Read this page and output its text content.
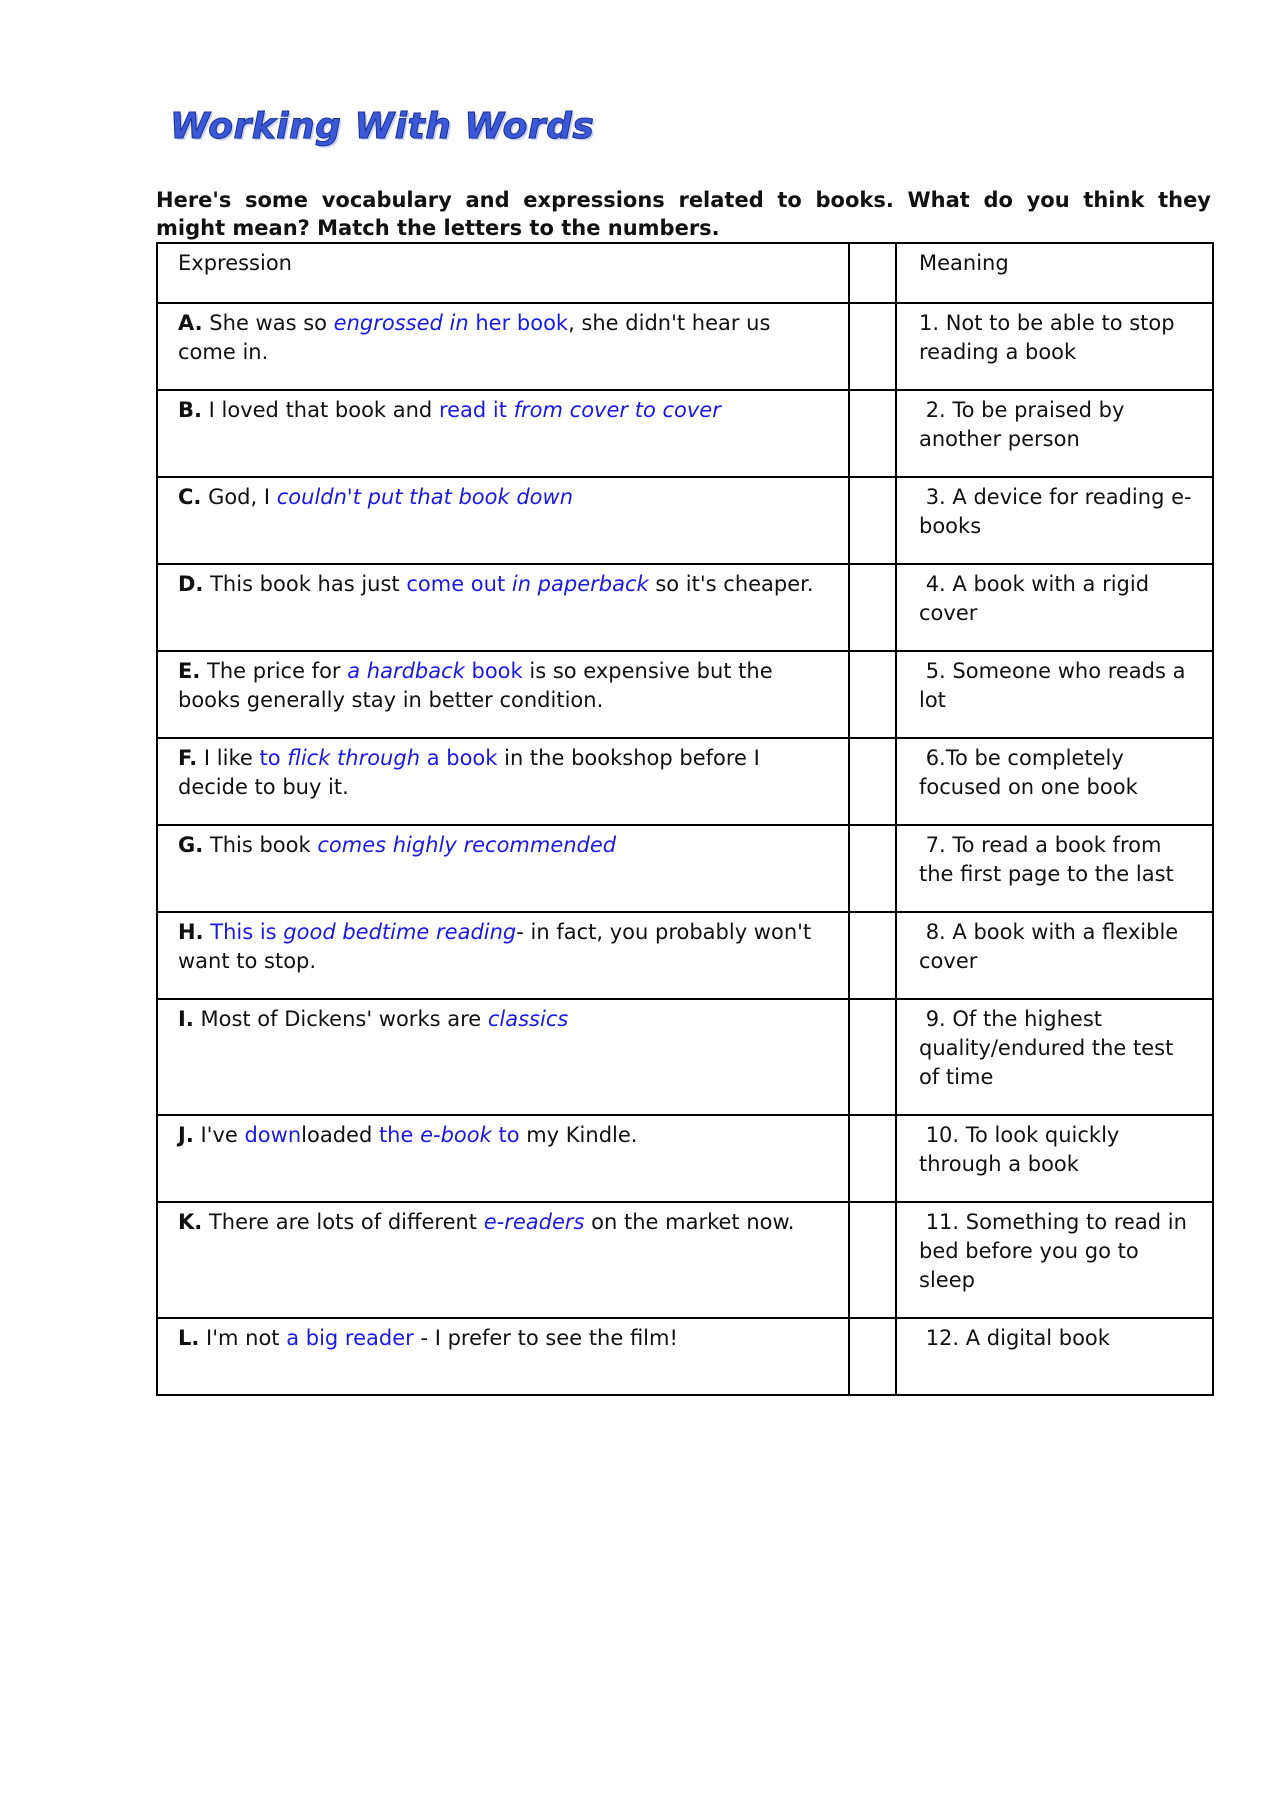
Working With Words

Here's some vocabulary and expressions related to books. What do you think they might mean? Match the letters to the numbers.

Expression		Meaning
A. She was so engrossed in her book, she didn't hear us come in.		1. Not to be able to stop reading a book
B. I loved that book and read it from cover to cover		2. To be praised by another person
C. God, I couldn't put that book down		3. A device for reading e-books
D. This book has just come out in paperback so it's cheaper.		4. A book with a rigid cover
E. The price for a hardback book is so expensive but the books generally stay in better condition.		5. Someone who reads a lot
F. I like to flick through a book in the bookshop before I decide to buy it.		6.To be completely focused on one book
G. This book comes highly recommended		7. To read a book from the first page to the last
H. This is good bedtime reading- in fact, you probably won't want to stop.		8. A book with a flexible cover
I. Most of Dickens' works are classics		9. Of the highest quality/endured the test of time
J. I've downloaded the e-book to my Kindle.		10. To look quickly through a book
K. There are lots of different e-readers on the market now.		11. Something to read in bed before you go to sleep
L. I'm not a big reader - I prefer to see the film!		12. A digital book
